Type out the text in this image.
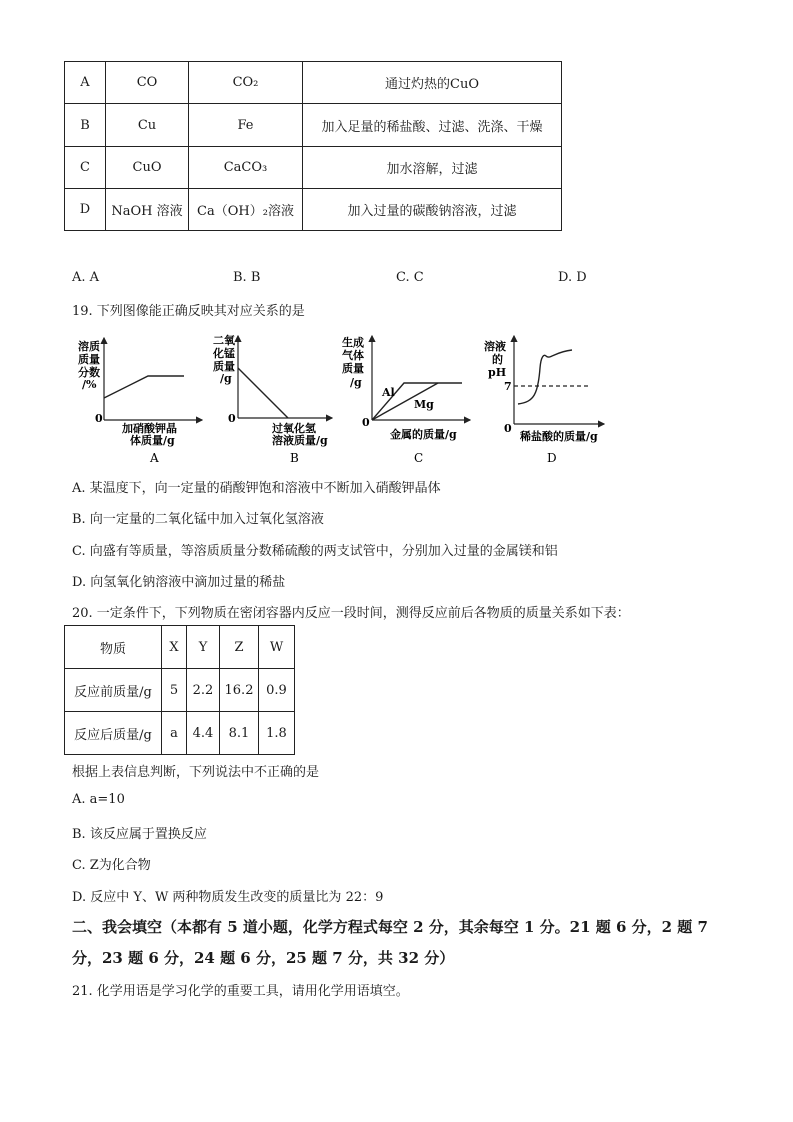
A	CO	CO₂	通过灼热的CuO
B	Cu	Fe	加入足量的稀盐酸、过滤、洗涤、干燥
C	CuO	CaCO₃	加水溶解，过滤
D	NaOH 溶液	Ca（OH）₂溶液	加入过量的碳酸钠溶液，过滤
A. A	B. B	C. C	D. D
19. 下列图像能正确反映其对应关系的是
溶质
质量
分数
/%
0
加硝酸钾晶
体质量/g
A
二氧
化锰
质量
/g
0
过氧化氢
溶液质量/g
B
生成
气体
质量
/g
Al
Mg
0
金属的质量/g
C
溶液
的
pH
7
0
稀盐酸的质量/g
D
A. 某温度下，向一定量的硝酸钾饱和溶液中不断加入硝酸钾晶体
B. 向一定量的二氧化锰中加入过氧化氢溶液
C. 向盛有等质量，等溶质质量分数稀硫酸的两支试管中，分别加入过量的金属镁和铝
D. 向氢氧化钠溶液中滴加过量的稀盐
20. 一定条件下，下列物质在密闭容器内反应一段时间，测得反应前后各物质的质量关系如下表：
物质	X	Y	Z	W
反应前质量/g	5	2.2	16.2	0.9
反应后质量/g	a	4.4	8.1	1.8
根据上表信息判断，下列说法中不正确的是
A. a=10
B. 该反应属于置换反应
C. Z为化合物
D. 反应中 Y、W 两种物质发生改变的质量比为 22：9
二、我会填空（本都有 5 道小题，化学方程式每空 2 分，其余每空 1 分。21 题 6 分，2 题 7
分，23 题 6 分，24 题 6 分，25 题 7 分，共 32 分）
21. 化学用语是学习化学的重要工具，请用化学用语填空。
